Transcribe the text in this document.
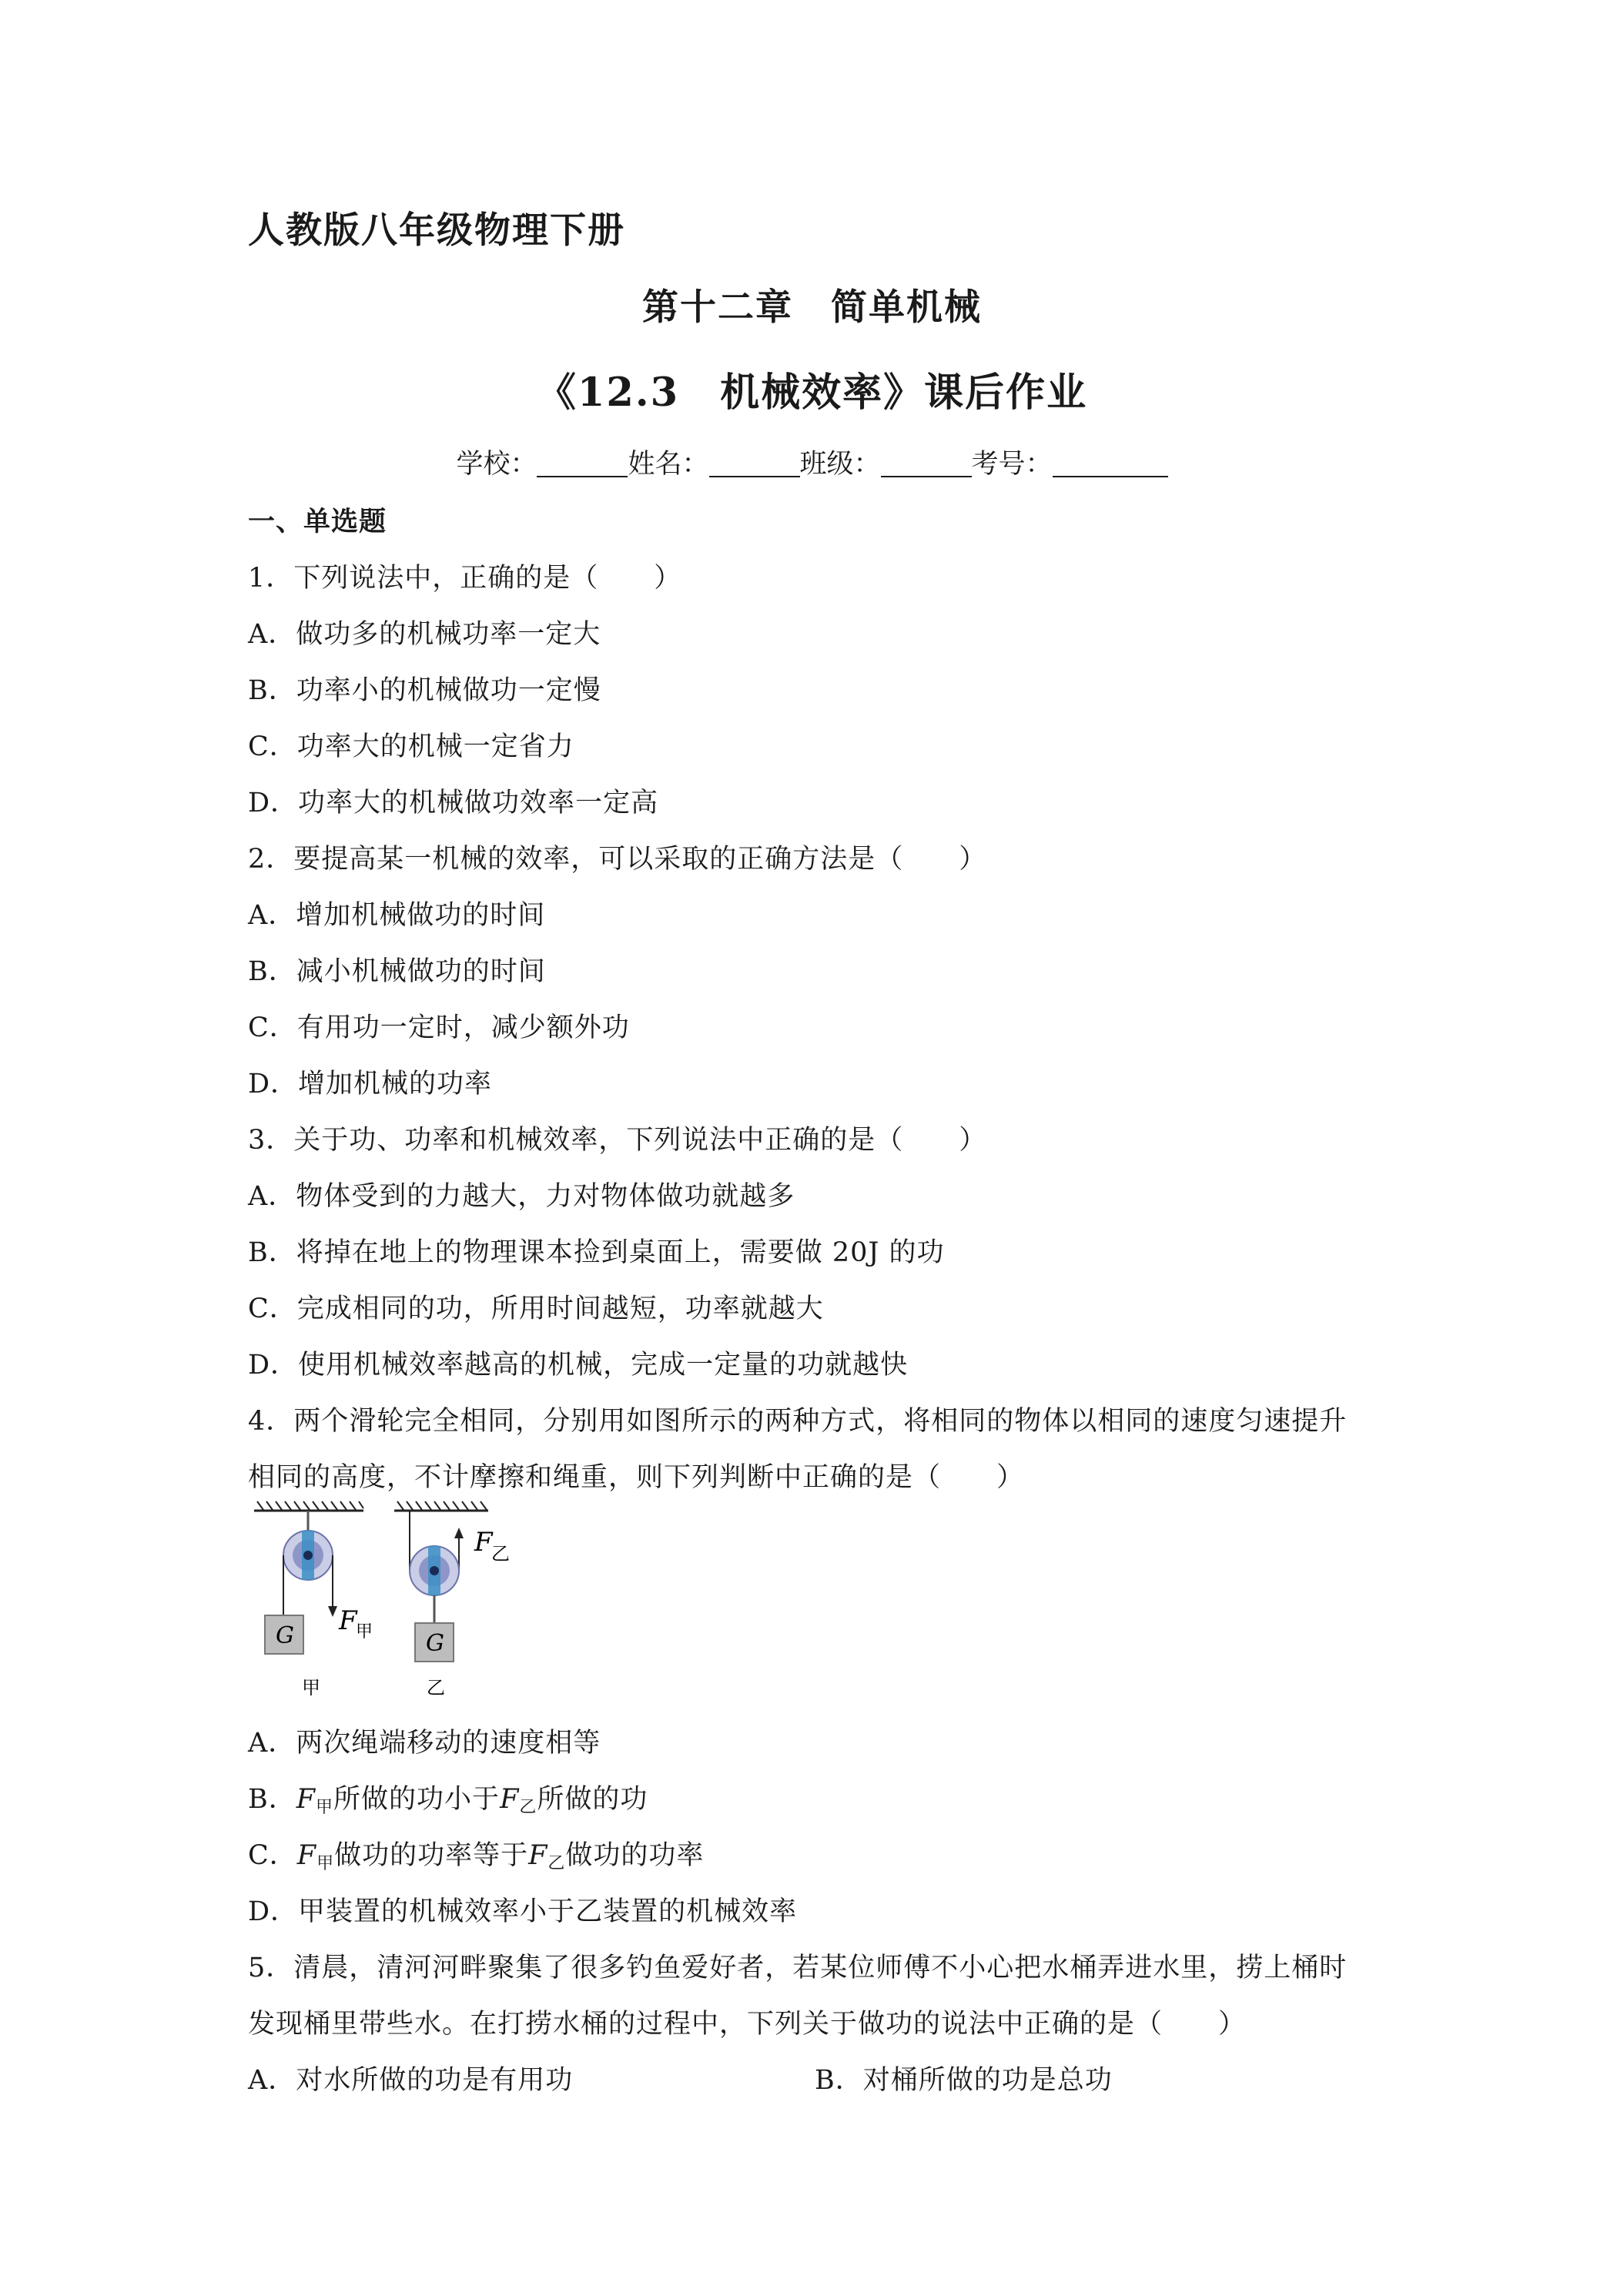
人教版八年级物理下册
第十二章　简单机械
《12.3　机械效率》课后作业
学校：	姓名：	班级：	考号：
一、单选题
1．下列说法中，正确的是（　　）
A．做功多的机械功率一定大
B．功率小的机械做功一定慢
C．功率大的机械一定省力
D．功率大的机械做功效率一定高
2．要提高某一机械的效率，可以采取的正确方法是（　　）
A．增加机械做功的时间
B．减小机械做功的时间
C．有用功一定时，减少额外功
D．增加机械的功率
3．关于功、功率和机械效率，下列说法中正确的是（　　）
A．物体受到的力越大，力对物体做功就越多
B．将掉在地上的物理课本捡到桌面上，需要做 20J 的功
C．完成相同的功，所用时间越短，功率就越大
D．使用机械效率越高的机械，完成一定量的功就越快
4．两个滑轮完全相同，分别用如图所示的两种方式，将相同的物体以相同的速度匀速提升
相同的高度，不计摩擦和绳重，则下列判断中正确的是（　　）
G F
甲
甲
G
F
乙
乙
A．两次绳端移动的速度相等
B．$F_甲$所做的功小于$F_乙$所做的功
C．$F_甲$做功的功率等于$F_乙$做功的功率
D．甲装置的机械效率小于乙装置的机械效率
5．清晨，清河河畔聚集了很多钓鱼爱好者，若某位师傅不小心把水桶弄进水里，捞上桶时
发现桶里带些水。在打捞水桶的过程中，下列关于做功的说法中正确的是（　　）
A．对水所做的功是有用功	B．对桶所做的功是总功
